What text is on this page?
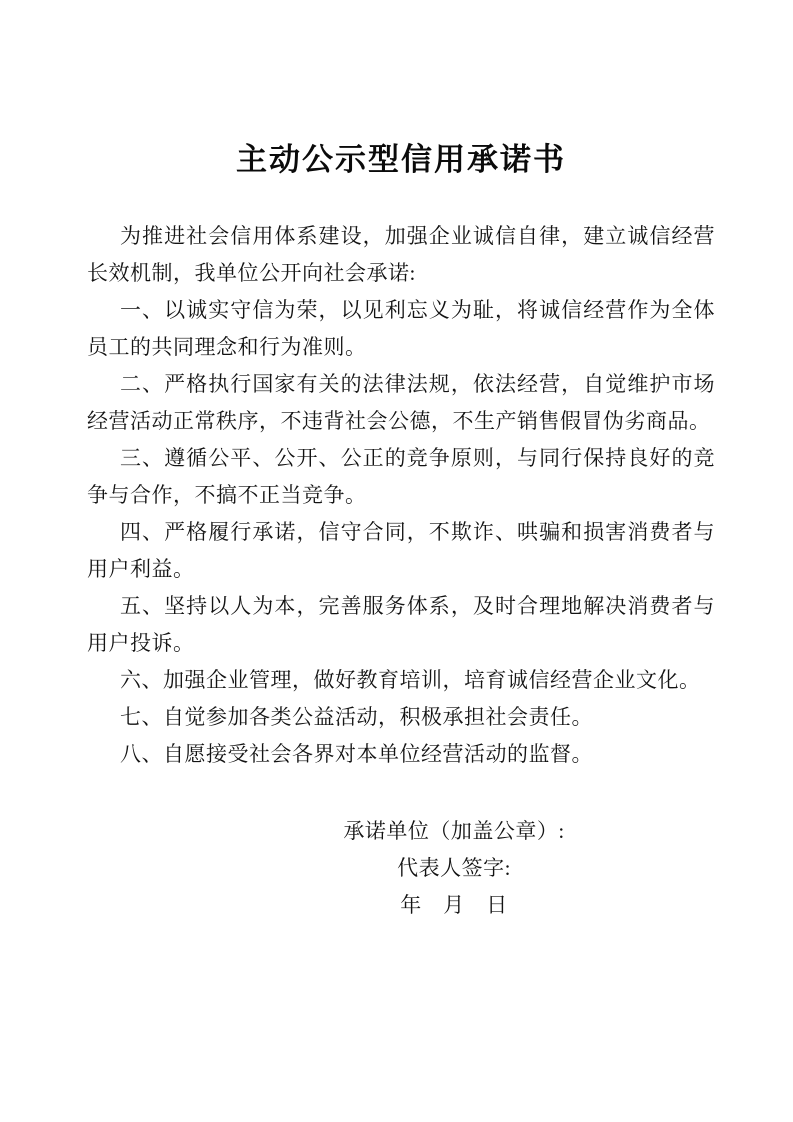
主动公示型信用承诺书

为推进社会信用体系建设，加强企业诚信自律，建立诚信经营长效机制，我单位公开向社会承诺:

一、以诚实守信为荣，以见利忘义为耻，将诚信经营作为全体员工的共同理念和行为准则。

二、严格执行国家有关的法律法规，依法经营，自觉维护市场经营活动正常秩序，不违背社会公德，不生产销售假冒伪劣商品。

三、遵循公平、公开、公正的竞争原则，与同行保持良好的竞争与合作，不搞不正当竞争。

四、严格履行承诺，信守合同，不欺诈、哄骗和损害消费者与用户利益。

五、坚持以人为本，完善服务体系，及时合理地解决消费者与用户投诉。

六、加强企业管理，做好教育培训，培育诚信经营企业文化。

七、自觉参加各类公益活动，积极承担社会责任。

八、自愿接受社会各界对本单位经营活动的监督。

承诺单位（加盖公章）:

代表人签字:

年　月　日
